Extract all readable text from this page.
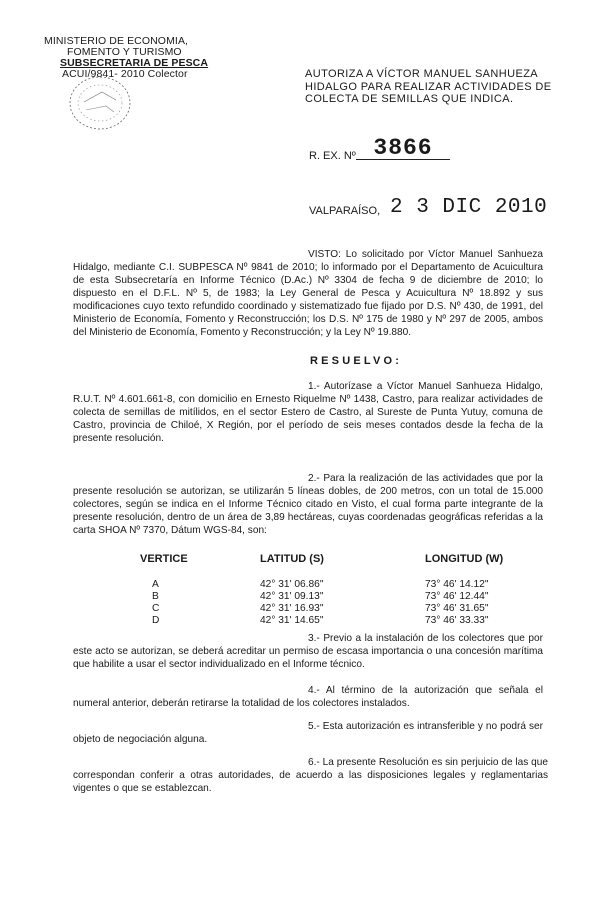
MINISTERIO DE ECONOMIA,
FOMENTO Y TURISMO
SUBSECRETARIA DE PESCA
ACUI/9841- 2010 Colector	AUTORIZA A VÍCTOR MANUEL SANHUEZA HIDALGO PARA REALIZAR ACTIVIDADES DE COLECTA DE SEMILLAS QUE INDICA.
R. EX. Nº 3866
VALPARAÍSO, 2 3 DIC 2010
VISTO: Lo solicitado por Víctor Manuel Sanhueza Hidalgo, mediante C.I. SUBPESCA Nº 9841 de 2010; lo informado por el Departamento de Acuicultura de esta Subsecretaría en Informe Técnico (D.Ac.) Nº 3304 de fecha 9 de diciembre de 2010; lo dispuesto en el D.F.L. Nº 5, de 1983; la Ley General de Pesca y Acuicultura Nº 18.892 y sus modificaciones cuyo texto refundido coordinado y sistematizado fue fijado por D.S. Nº 430, de 1991, del Ministerio de Economía, Fomento y Reconstrucción; los D.S. Nº 175 de 1980 y Nº 297 de 2005, ambos del Ministerio de Economía, Fomento y Reconstrucción; y la Ley Nº 19.880.
RESUELVO:
1.- Autorízase a Víctor Manuel Sanhueza Hidalgo, R.U.T. Nº 4.601.661-8, con domicilio en Ernesto Riquelme Nº 1438, Castro, para realizar actividades de colecta de semillas de mitílidos, en el sector Estero de Castro, al Sureste de Punta Yutuy, comuna de Castro, provincia de Chiloé, X Región, por el período de seis meses contados desde la fecha de la presente resolución.
2.- Para la realización de las actividades que por la presente resolución se autorizan, se utilizarán 5 líneas dobles, de 200 metros, con un total de 15.000 colectores, según se indica en el Informe Técnico citado en Visto, el cual forma parte integrante de la presente resolución, dentro de un área de 3,89 hectáreas, cuyas coordenadas geográficas referidas a la carta SHOA Nº 7370, Dátum WGS-84, son:
VERTICE	LATITUD (S)	LONGITUD (W)
A	42° 31' 06.86"	73° 46' 14.12"
B	42° 31' 09.13"	73° 46' 12.44"
C	42° 31' 16.93"	73° 46' 31.65"
D	42° 31' 14.65"	73° 46' 33.33"
3.- Previo a la instalación de los colectores que por este acto se autorizan, se deberá acreditar un permiso de escasa importancia o una concesión marítima que habilite a usar el sector individualizado en el Informe técnico.
4.- Al término de la autorización que señala el numeral anterior, deberán retirarse la totalidad de los colectores instalados.
5.- Esta autorización es intransferible y no podrá ser objeto de negociación alguna.
6.- La presente Resolución es sin perjuicio de las que correspondan conferir a otras autoridades, de acuerdo a las disposiciones legales y reglamentarias vigentes o que se establezcan.
